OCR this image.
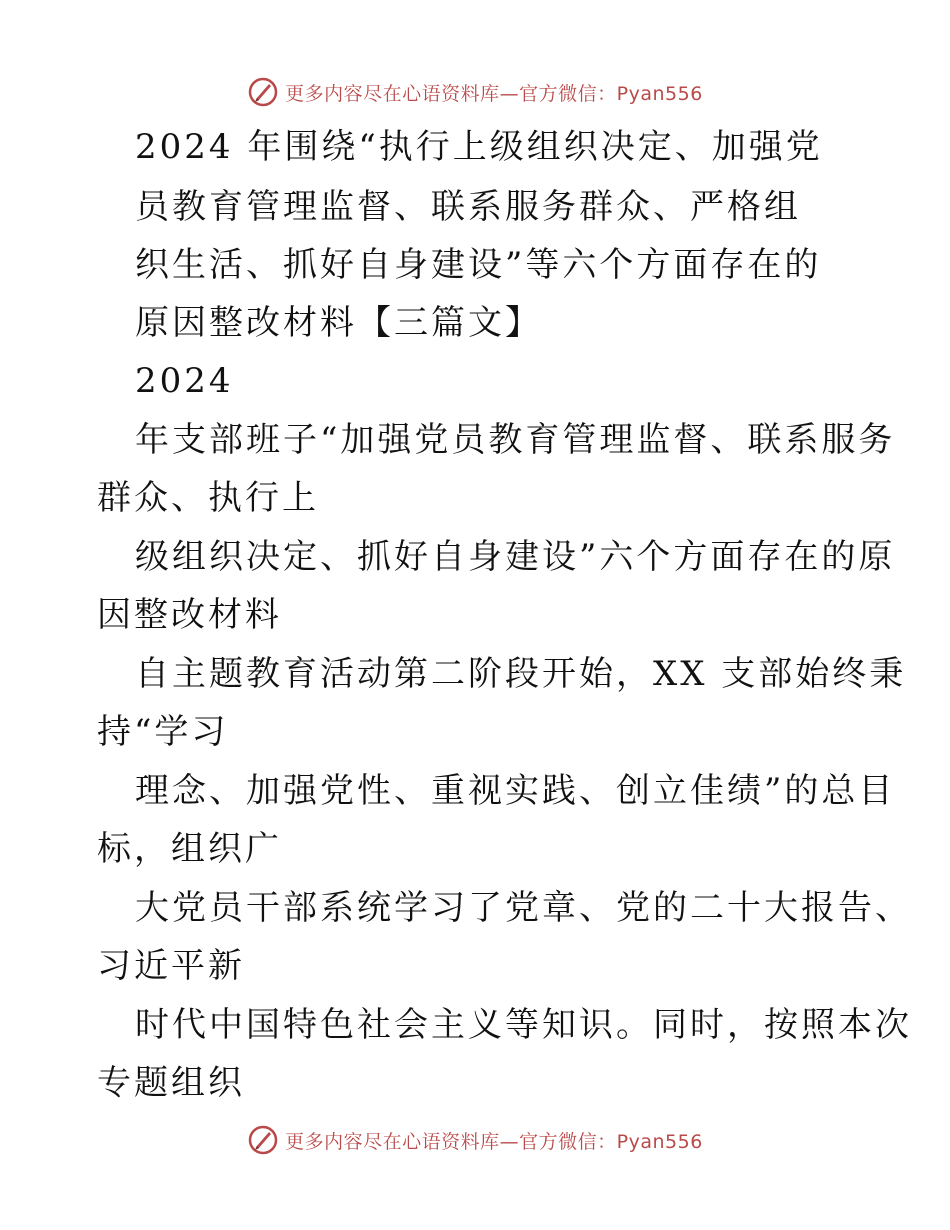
更多内容尽在心语资料库—官方微信：Pyan556
2024 年围绕“执行上级组织决定、加强党
员教育管理监督、联系服务群众、严格组
织生活、抓好自身建设”等六个方面存在的
原因整改材料【三篇文】
2024
年支部班子“加强党员教育管理监督、联系服务
群众、执行上
级组织决定、抓好自身建设”六个方面存在的原
因整改材料
自主题教育活动第二阶段开始，XX 支部始终秉
持“学习
理念、加强党性、重视实践、创立佳绩”的总目
标，组织广
大党员干部系统学习了党章、党的二十大报告、
习近平新
时代中国特色社会主义等知识。同时，按照本次
专题组织
更多内容尽在心语资料库—官方微信：Pyan556
